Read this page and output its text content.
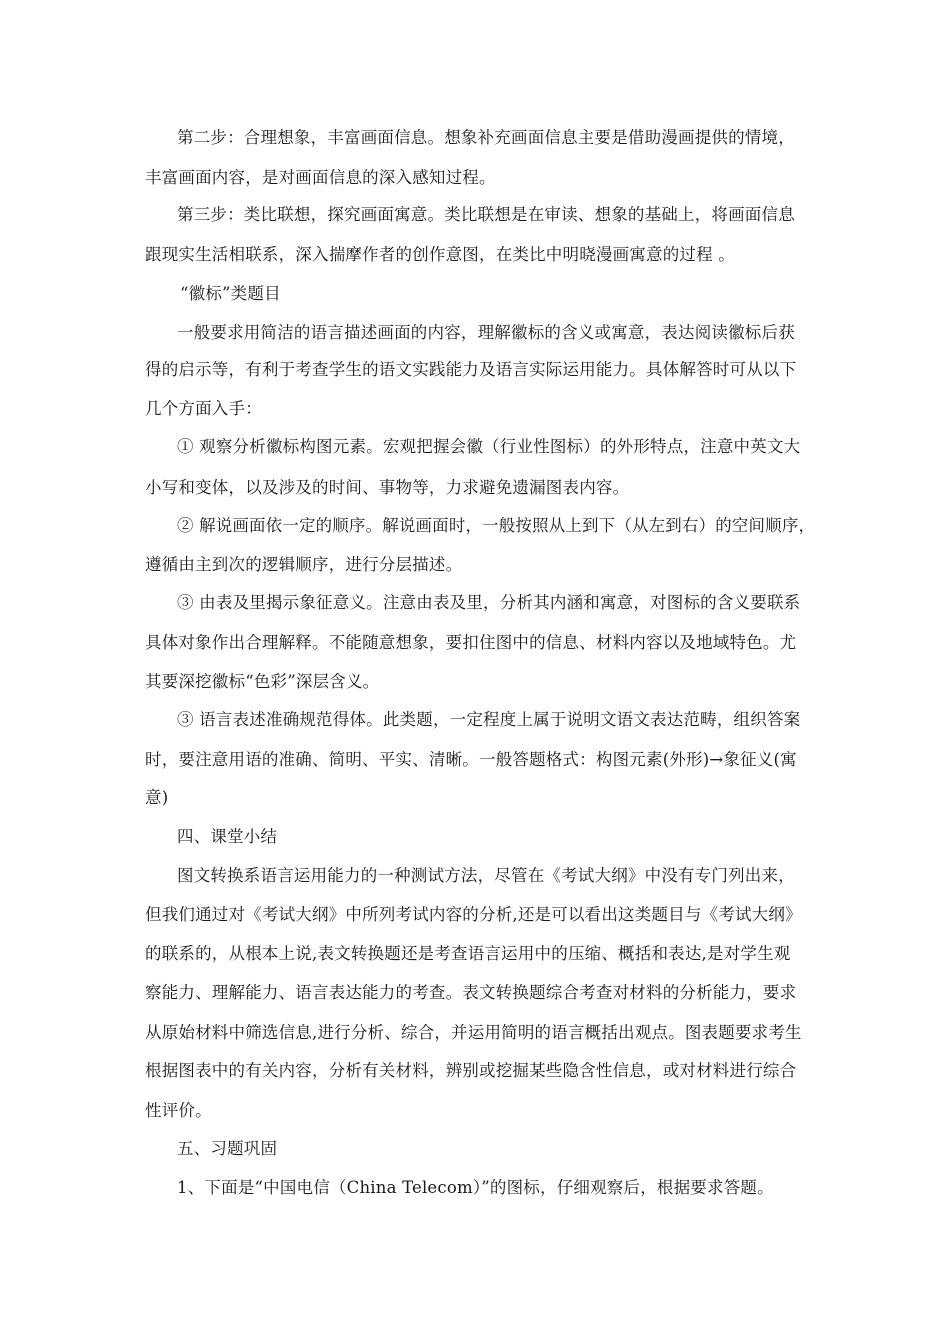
第二步：合理想象，丰富画面信息。想象补充画面信息主要是借助漫画提供的情境，
丰富画面内容，是对画面信息的深入感知过程。
第三步：类比联想，探究画面寓意。类比联想是在审读、想象的基础上，将画面信息
跟现实生活相联系，深入揣摩作者的创作意图，在类比中明晓漫画寓意的过程 。
“徽标”类题目
一般要求用简洁的语言描述画面的内容，理解徽标的含义或寓意，表达阅读徽标后获
得的启示等，有利于考查学生的语文实践能力及语言实际运用能力。具体解答时可从以下
几个方面入手：
① 观察分析徽标构图元素。宏观把握会徽（行业性图标）的外形特点，注意中英文大
小写和变体，以及涉及的时间、事物等，力求避免遗漏图表内容。
② 解说画面依一定的顺序。解说画面时，一般按照从上到下（从左到右）的空间顺序，
遵循由主到次的逻辑顺序，进行分层描述。
③ 由表及里揭示象征意义。注意由表及里，分析其内涵和寓意，对图标的含义要联系
具体对象作出合理解释。不能随意想象，要扣住图中的信息、材料内容以及地域特色。尤
其要深挖徽标“色彩”深层含义。
③ 语言表述准确规范得体。此类题，一定程度上属于说明文语文表达范畴，组织答案
时，要注意用语的准确、简明、平实、清晰。一般答题格式：构图元素(外形)→象征义(寓
意)
四、课堂小结
图文转换系语言运用能力的一种测试方法，尽管在《考试大纲》中没有专门列出来，
但我们通过对《考试大纲》中所列考试内容的分析,还是可以看出这类题目与《考试大纲》
的联系的，从根本上说,表文转换题还是考查语言运用中的压缩、概括和表达,是对学生观
察能力、理解能力、语言表达能力的考查。表文转换题综合考查对材料的分析能力，要求
从原始材料中筛选信息,进行分析、综合，并运用简明的语言概括出观点。图表题要求考生
根据图表中的有关内容，分析有关材料，辨别或挖掘某些隐含性信息，或对材料进行综合
性评价。
五、习题巩固
1、下面是“中国电信（China Telecom）”的图标，仔细观察后，根据要求答题。
